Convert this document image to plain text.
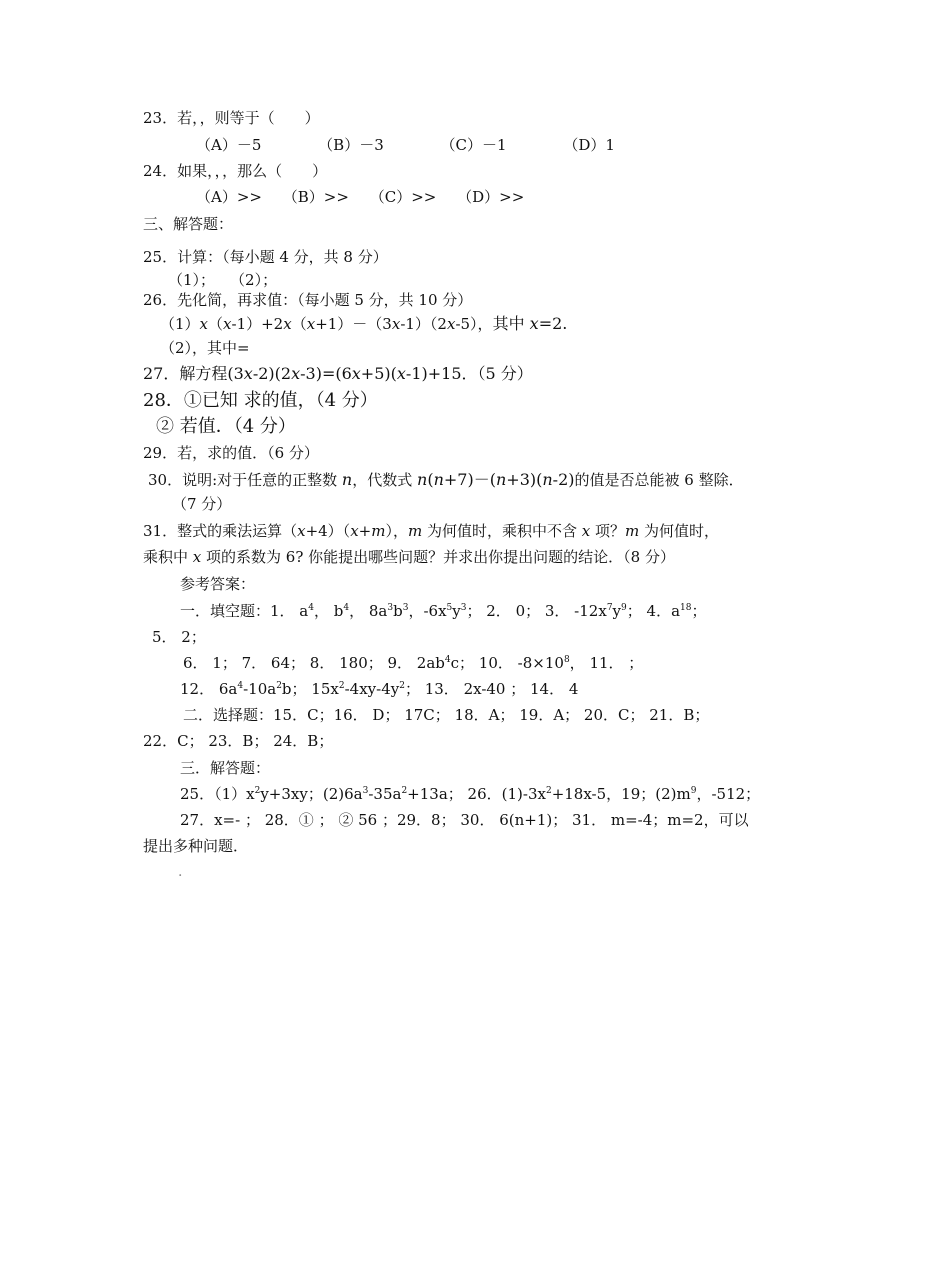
23．若，，则等于（　　）
（A）－5	（B）－3	（C）－1	（D）1
24．如果，，，那么（　　）
（A）>> （B）>> （C）>> （D）>>
三、解答题：
25．计算：（每小题 4 分，共 8 分）
（1）；　　（2）；
26．先化简，再求值：（每小题 5 分，共 10 分）
（1）x（x-1）+2x（x+1）－（3x-1）（2x-5），其中 x=2.
（2），其中=
27．解方程(3x-2)(2x-3)=(6x+5)(x-1)+15．（5 分）
28．①已知 求的值，（4 分）
② 若值．（4 分）
29．若，求的值．（6 分）
30．说明:对于任意的正整数 n，代数式 n(n+7)－(n+3)(n-2)的值是否总能被 6 整除．
（7 分）
31．整式的乘法运算（x+4）（x+m），m 为何值时，乘积中不含 x 项？m 为何值时，
乘积中 x 项的系数为 6? 你能提出哪些问题？并求出你提出问题的结论．（8 分）
参考答案：
一．填空题：1． $a^4$， $b^4$， $8a^3b^3$，$-6x^5y^3$； 2． 0； 3． $-12x^7y^9$； 4．$a^{18}$；
5． 2；
6． 1； 7． 64； 8． 180； 9． $2ab^4c$； 10． $-8\times 10^8$， 11． ；
12． $6a^4-10a^2b$； $15x^2-4xy-4y^2$； 13． 2x-40 ； 14． 4
二．选择题：15．C；16． D； 17C； 18．A； 19．A； 20．C； 21．B；
22．C； 23．B； 24．B；
三．解答题：
25．$(1)x^2y+3xy$；$(2)6a^3-35a^2+13a$； 26．$(1)-3x^2+18x-5$，19；$(2)m^9$，-512；
27．x=- ； 28．① ； ② 56 ；29．8； 30． 6(n+1)； 31． m=-4；m=2，可以
提出多种问题．
·
